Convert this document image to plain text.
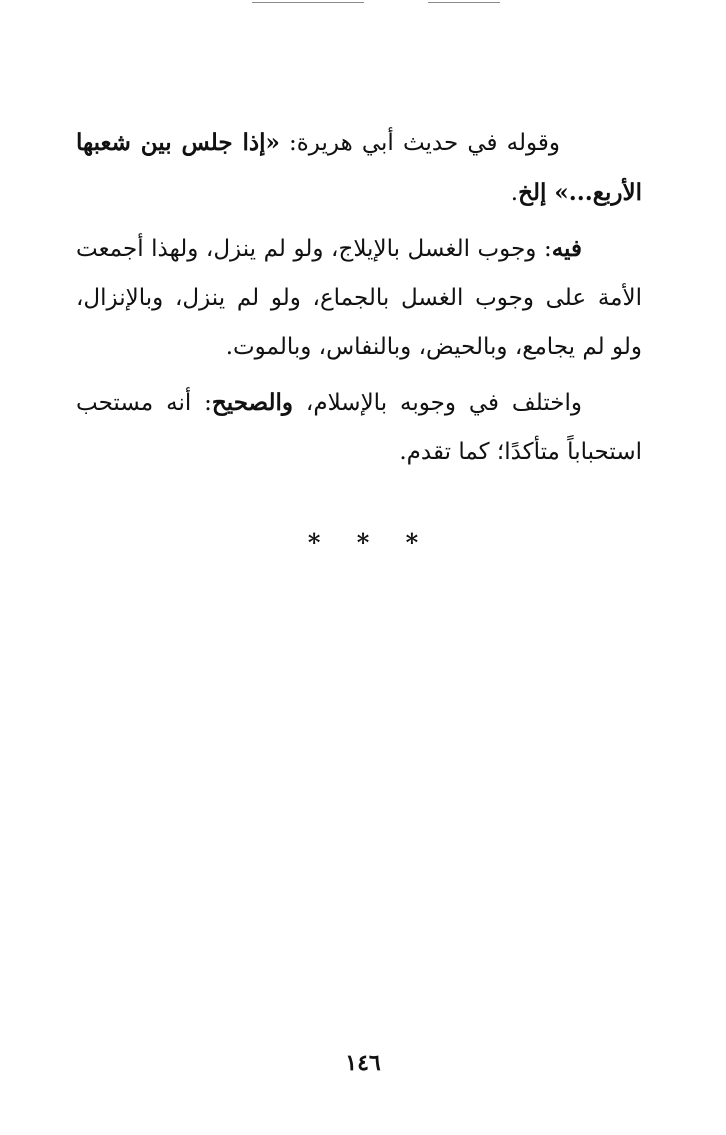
وقوله في حديث أبي هريرة: «إذا جلس بين شعبها الأربع...» إلخ.

فيه: وجوب الغسل بالإيلاج، ولو لم ينزل، ولهذا أجمعت الأمة على وجوب الغسل بالجماع، ولو لم ينزل، وبالإنزال، ولو لم يجامع، وبالحيض، وبالنفاس، وبالموت.

واختلف في وجوبه بالإسلام، والصحيح: أنه مستحب استحباباً متأكدًا؛ كما تقدم.

* * *
١٤٦
